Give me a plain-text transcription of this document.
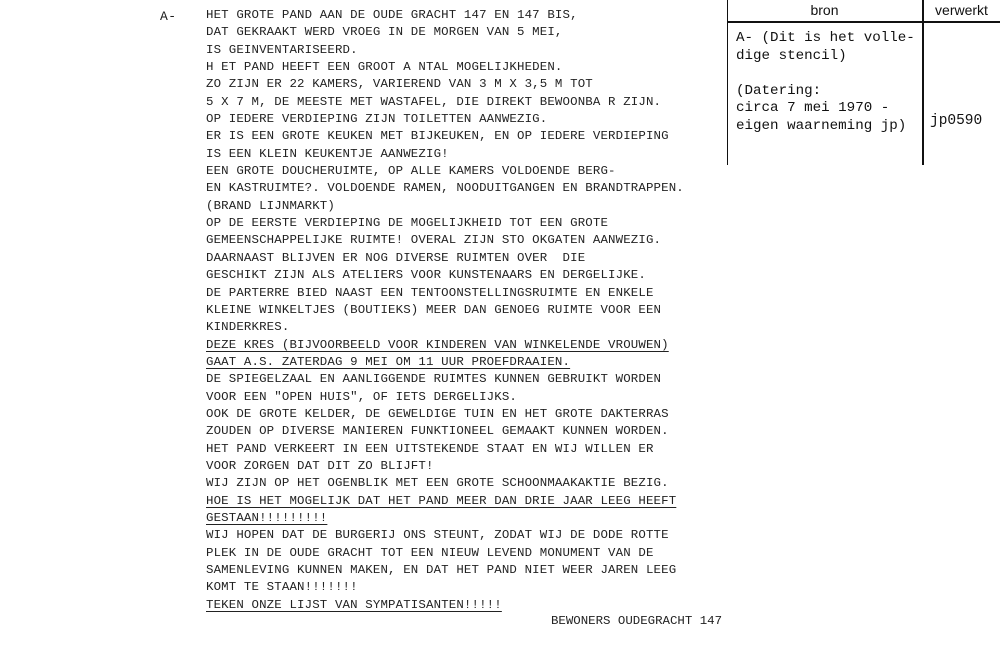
A- HET GROTE PAND AAN DE OUDE GRACHT 147 EN 147 BIS,
DAT GEKRAAKT WERD VROEG IN DE MORGEN VAN 5 MEI,
IS GEINVENTARISEERD.
H ET PAND HEEFT EEN GROOT A NTAL MOGELIJKHEDEN.
ZO ZIJN ER 22 KAMERS, VARIEREND VAN 3 M X 3,5 M TOT
5 X 7 M, DE MEESTE MET WASTAFEL, DIE DIREKT BEWOONBA R ZIJN.
OP IEDERE VERDIEPING ZIJN TOILETTEN AANWEZIG.
ER IS EEN GROTE KEUKEN MET BIJKEUKEN, EN OP IEDERE VERDIEPING
IS EEN KLEIN KEUKENTJE AANWEZIG!
EEN GROTE DOUCHERUIMTE, OP ALLE KAMERS VOLDOENDE BERG-
EN KASTRUIMTE?. VOLDOENDE RAMEN, NOODUITGANGEN EN BRANDTRAPPEN.
(BRAND LIJNMARKT)
OP DE EERSTE VERDIEPING DE MOGELIJKHEID TOT EEN GROTE
GEMEENSCHAPPELIJKE RUIMTE! OVERAL ZIJN STO OKGATEN AANWEZIG.
DAARNAAST BLIJVEN ER NOG DIVERSE RUIMTEN OVER  DIE
GESCHIKT ZIJN ALS ATELIERS VOOR KUNSTENAARS EN DERGELIJKE.
DE PARTERRE BIED NAAST EEN TENTOONSTELLINGSRUIMTE EN ENKELE
KLEINE WINKELTJES (BOUTIEKS) MEER DAN GENOEG RUIMTE VOOR EEN
KINDERKRES.
DEZE KRES (BIJVOORBEELD VOOR KINDEREN VAN WINKELENDE VROUWEN)
GAAT A.S. ZATERDAG 9 MEI OM 11 UUR PROEFDRAAIEN.
DE SPIEGELZAAL EN AANLIGGENDE RUIMTES KUNNEN GEBRUIKT WORDEN
VOOR EEN "OPEN HUIS", OF IETS DERGELIJKS.
OOK DE GROTE KELDER, DE GEWELDIGE TUIN EN HET GROTE DAKTERRAS
ZOUDEN OP DIVERSE MANIEREN FUNKTIONEEL GEMAAKT KUNNEN WORDEN.
HET PAND VERKEERT IN EEN UITSTEKENDE STAAT EN WIJ WILLEN ER
VOOR ZORGEN DAT DIT ZO BLIJFT!
WIJ ZIJN OP HET OGENBLIK MET EEN GROTE SCHOONMAAKAKTIE BEZIG.
HOE IS HET MOGELIJK DAT HET PAND MEER DAN DRIE JAAR LEEG HEEFT
GESTAAN!!!!!!!!!
WIJ HOPEN DAT DE BURGERIJ ONS STEUNT, ZODAT WIJ DE DODE ROTTE
PLEK IN DE OUDE GRACHT TOT EEN NIEUW LEVEND MONUMENT VAN DE
SAMENLEVING KUNNEN MAKEN, EN DAT HET PAND NIET WEER JAREN LEEG
KOMT TE STAAN!!!!!!!
TEKEN ONZE LIJST VAN SYMPATISANTEN!!!!!
BEWONERS OUDEGRACHT 147
bron	verwerkt
A- (Dit is het volle-
dige stencil)
(Datering:
circa 7 mei 1970 -
eigen waarneming jp)	jp0590
